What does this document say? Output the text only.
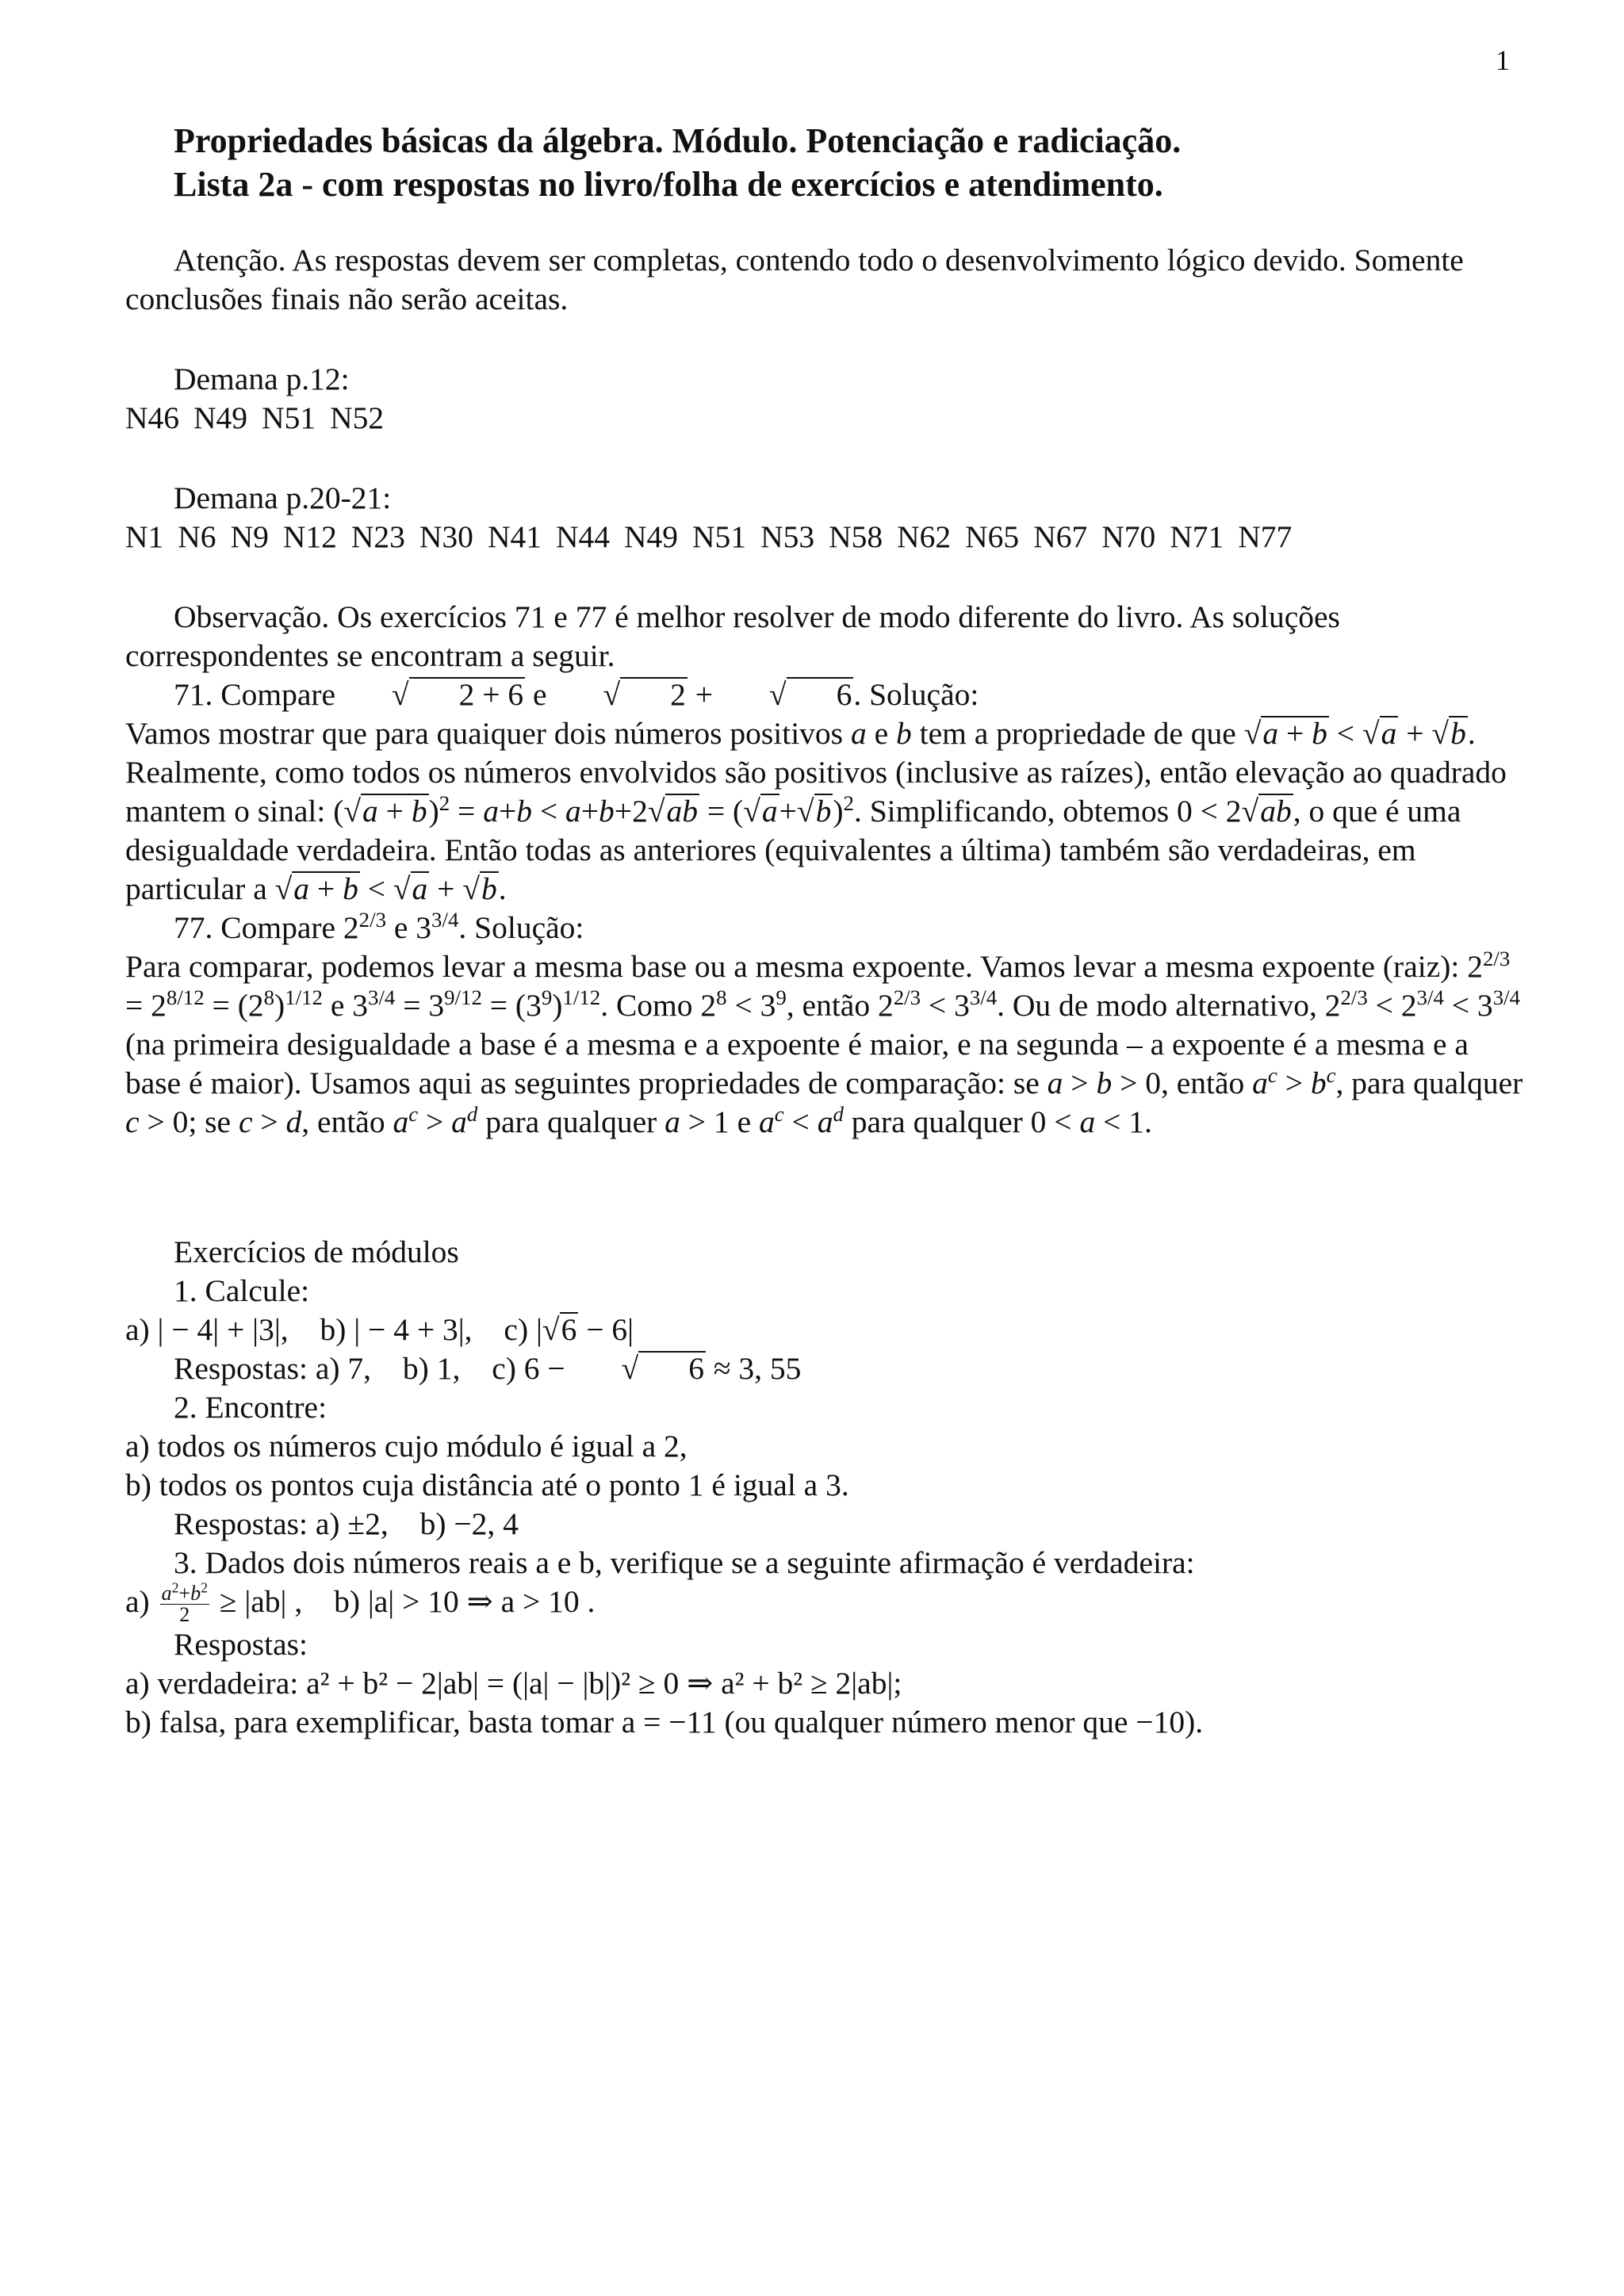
1
Propriedades básicas da álgebra. Módulo. Potenciação e radiciação.
Lista 2a - com respostas no livro/folha de exercícios e atendimento.

Atenção. As respostas devem ser completas, contendo todo o desenvolvimento lógico devido. Somente conclusões finais não serão aceitas.

Demana p.12:

N46 N49 N51 N52

Demana p.20-21:

N1 N6 N9 N12 N23 N30 N41 N44 N49 N51 N53 N58 N62 N65 N67 N70 N71 N77

Observação. Os exercícios 71 e 77 é melhor resolver de modo diferente do livro. As soluções correspondentes se encontram a seguir.

71. Compare √ 2 + 6 e √ 2 + √ 6. Solução:

Vamos mostrar que para quaiquer dois números positivos a e b tem a propriedade de que √a + b < √a + √b. Realmente, como todos os números envolvidos são positivos (inclusive as raízes), então elevação ao quadrado mantem o sinal: $(√a + b)^2 = a+b < a+b+2√ab = (√a+√b)^2$. Simplificando, obtemos 0 < 2√ab, o que é uma desigualdade verdadeira. Então todas as anteriores (equivalentes a última) também são verdadeiras, em particular a √a + b < √a + √b.

77. Compare $2^{2/3}$ e $3^{3/4}$. Solução:

Para comparar, podemos levar a mesma base ou a mesma expoente. Vamos levar a mesma expoente (raiz): $2^{2/3} = 2^{8/12} = (2^8)^{1/12}$ e $3^{3/4} = 3^{9/12} = (3^9)^{1/12}$. Como $2^8 < 3^9$, então $2^{2/3} < 3^{3/4}$. Ou de modo alternativo, $2^{2/3} < 2^{3/4} < 3^{3/4}$ (na primeira desigualdade a base é a mesma e a expoente é maior, e na segunda – a expoente é a mesma e a base é maior). Usamos aqui as seguintes propriedades de comparação: se a > b > 0, então $a^c > b^c$, para qualquer c > 0; se c > d, então $a^c > a^d$ para qualquer a > 1 e $a^c < a^d$ para qualquer 0 < a < 1.

Exercícios de módulos

1. Calcule:

a) | − 4| + |3|, b) | − 4 + 3|, c) |√6 − 6|

Respostas: a) 7, b) 1, c) 6 − √ 6 ≈ 3, 55

2. Encontre:

a) todos os números cujo módulo é igual a 2,

b) todos os pontos cuja distância até o ponto 1 é igual a 3.

Respostas: a) ±2, b) −2, 4

3. Dados dois números reais a e b, verifique se a seguinte afirmação é verdadeira:

$a) \frac{a^2+b^2}{2} \ge |ab|$ , b) |a| > 10 ⇒ a > 10 .

Respostas:

a) verdadeira: a² + b² − 2|ab| = (|a| − |b|)² ≥ 0 ⇒ a² + b² ≥ 2|ab|;

b) falsa, para exemplificar, basta tomar a = −11 (ou qualquer número menor que −10).
